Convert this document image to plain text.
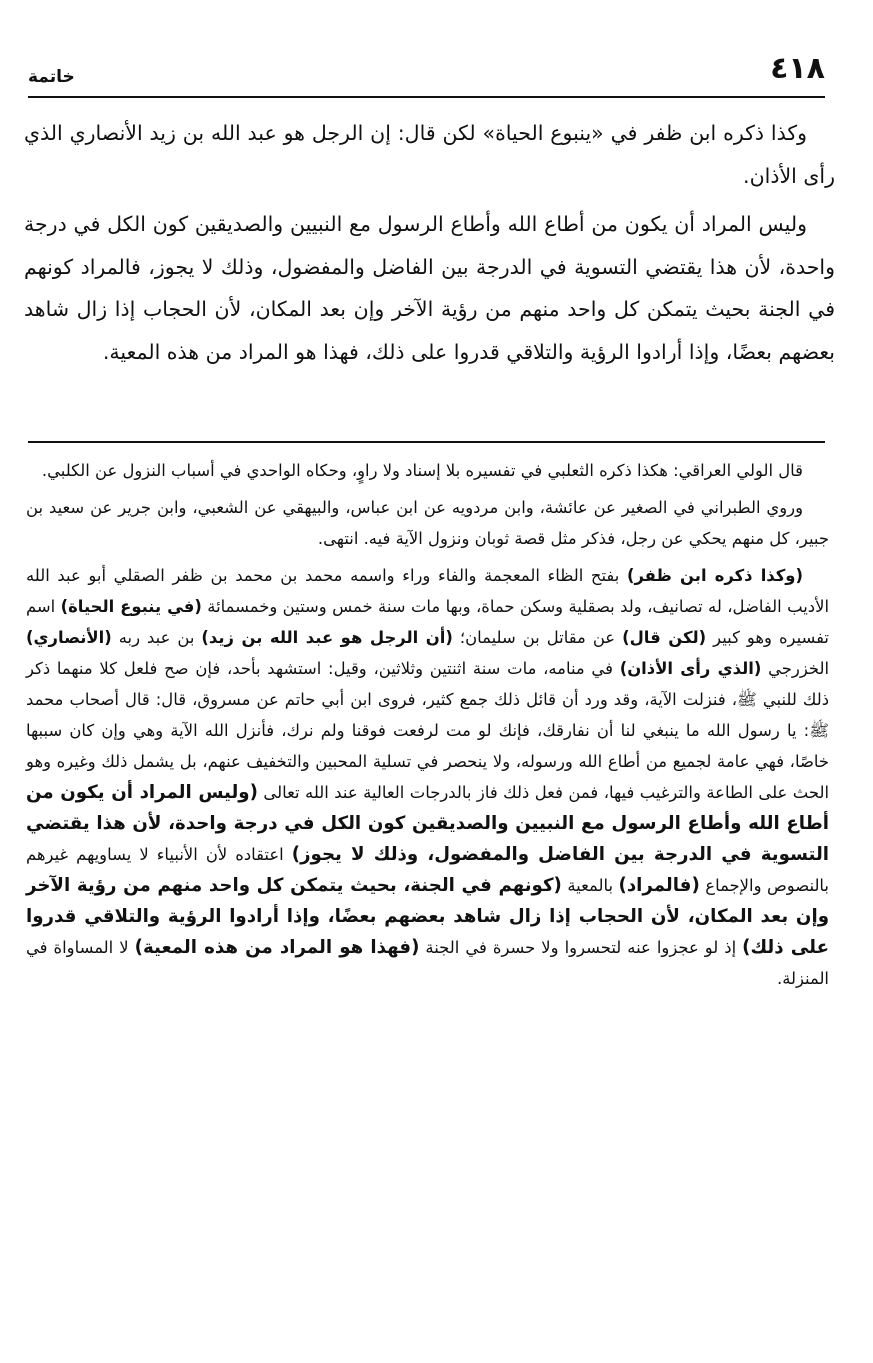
٤١٨
خاتمة

وكذا ذكره ابن ظفر في «ينبوع الحياة» لكن قال: إن الرجل هو عبد الله بن زيد الأنصاري الذي رأى الأذان.

وليس المراد أن يكون من أطاع الله وأطاع الرسول مع النبيين والصديقين كون الكل في درجة واحدة، لأن هذا يقتضي التسوية في الدرجة بين الفاضل والمفضول، وذلك لا يجوز، فالمراد كونهم في الجنة بحيث يتمكن كل واحد منهم من رؤية الآخر وإن بعد المكان، لأن الحجاب إذا زال شاهد بعضهم بعضًا، وإذا أرادوا الرؤية والتلاقي قدروا على ذلك، فهذا هو المراد من هذه المعية.

قال الولي العراقي: هكذا ذكره الثعلبي في تفسيره بلا إسناد ولا راوٍ، وحكاه الواحدي في أسباب النزول عن الكلبي.

وروي الطبراني في الصغير عن عائشة، وابن مردويه عن ابن عباس، والبيهقي عن الشعبي، وابن جرير عن سعيد بن جبير، كل منهم يحكي عن رجل، فذكر مثل قصة ثوبان ونزول الآية فيه. انتهى.

(وكذا ذكره ابن ظفر) بفتح الظاء المعجمة والفاء وراء واسمه محمد بن محمد بن ظفر الصقلي أبو عبد الله الأديب الفاضل، له تصانيف، ولد بصقلية وسكن حماة، وبها مات سنة خمس وستين وخمسمائة (في ينبوع الحياة) اسم تفسيره وهو كبير (لكن قال) عن مقاتل بن سليمان؛ (أن الرجل هو عبد الله بن زيد) بن عبد ربه (الأنصاري) الخزرجي (الذي رأى الأذان) في منامه، مات سنة اثنتين وثلاثين، وقيل: استشهد بأحد، فإن صح فلعل كلا منهما ذكر ذلك للنبي ﷺ، فنزلت الآية، وقد ورد أن قائل ذلك جمع كثير، فروى ابن أبي حاتم عن مسروق، قال: قال أصحاب محمد ﷺ: يا رسول الله ما ينبغي لنا أن نفارقك، فإنك لو مت لرفعت فوقنا ولم نرك، فأنزل الله الآية وهي وإن كان سببها خاصًا، فهي عامة لجميع من أطاع الله ورسوله، ولا ينحصر في تسلية المحبين والتخفيف عنهم، بل يشمل ذلك وغيره وهو الحث على الطاعة والترغيب فيها، فمن فعل ذلك فاز بالدرجات العالية عند الله تعالى (وليس المراد أن يكون من أطاع الله وأطاع الرسول مع النبيين والصديقين كون الكل في درجة واحدة، لأن هذا يقتضي التسوية في الدرجة بين الفاضل والمفضول، وذلك لا يجوز) اعتقاده لأن الأنبياء لا يساويهم غيرهم بالنصوص والإجماع (فالمراد) بالمعية (كونهم في الجنة، بحيث يتمكن كل واحد منهم من رؤية الآخر وإن بعد المكان، لأن الحجاب إذا زال شاهد بعضهم بعضًا، وإذا أرادوا الرؤية والتلاقي قدروا على ذلك) إذ لو عجزوا عنه لتحسروا ولا حسرة في الجنة (فهذا هو المراد من هذه المعية) لا المساواة في المنزلة.
